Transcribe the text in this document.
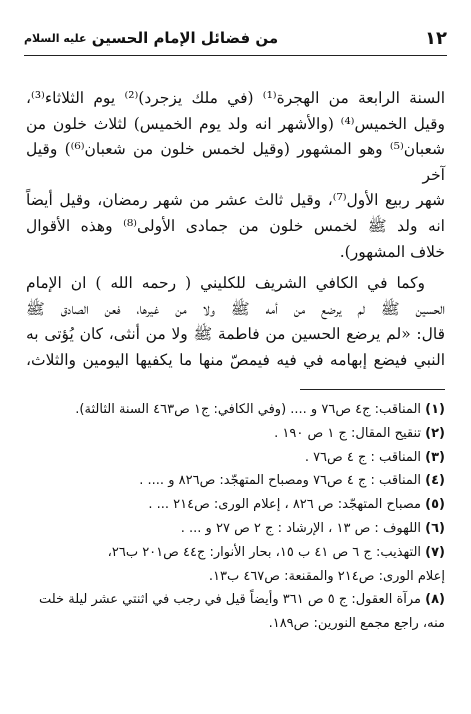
١٢
من فضائل الإمام الحسين عليه السلام

السنة الرابعة من الهجرة⁽¹⁾ (في ملك يزجرد)⁽²⁾ يوم الثلاثاء⁽³⁾،

وقيل الخميس⁽⁴⁾ (والأشهر انه ولد يوم الخميس) لثلاث خلون من

شعبان⁽⁵⁾ وهو المشهور (وقيل لخمس خلون من شعبان⁽⁶⁾) وقيل آخر

شهر ربيع الأول⁽⁷⁾، وقيل ثالث عشر من شهر رمضان، وقيل أيضاً

انه ولد ﷺ لخمس خلون من جمادى الأولى⁽⁸⁾ وهذه الأقوال

خلاف المشهور).

وكما في الكافي الشريف للكليني ( رحمه الله ) ان الإمام

الحسين ﷺ لم يرضع من أمه ﷺ ولا من غيرها، فعن الصادق ﷺ

قال: «لم يرضع الحسين من فاطمة ﷺ ولا من أنثى، كان يُؤتى به

النبي فيضع إبهامه في فيه فيمصّ منها ما يكفيها اليومين والثلاث،

(١) المناقب: ج٤ ص٧٦ و .... (وفي الكافي: ج١ ص٤٦٣ السنة الثالثة).
(٢) تنقيح المقال: ج ١ ص ١٩٠ .
(٣) المناقب : ج ٤ ص٧٦ .
(٤) المناقب : ج ٤ ص٧٦ ومصباح المتهجّد: ص٨٢٦ و .... .
(٥) مصباح المتهجّد: ص ٨٢٦ ، إعلام الورى: ص٢١٤ ... .
(٦) اللهوف : ص ١٣ ، الإرشاد : ج ٢ ص ٢٧ و ... .
(٧) التهذيب: ج ٦ ص ٤١ ب ١٥، بحار الأنوار: ج٤٤ ص٢٠١ ب٢٦،
إعلام الورى: ص٢١٤ والمقنعة: ص٤٦٧ ب١٣.
(٨) مرآة العقول: ج ٥ ص ٣٦١ وأيضاً قيل في رجب في اثنتي عشر ليلة خلت
منه، راجع مجمع النورين: ص١٨٩.
